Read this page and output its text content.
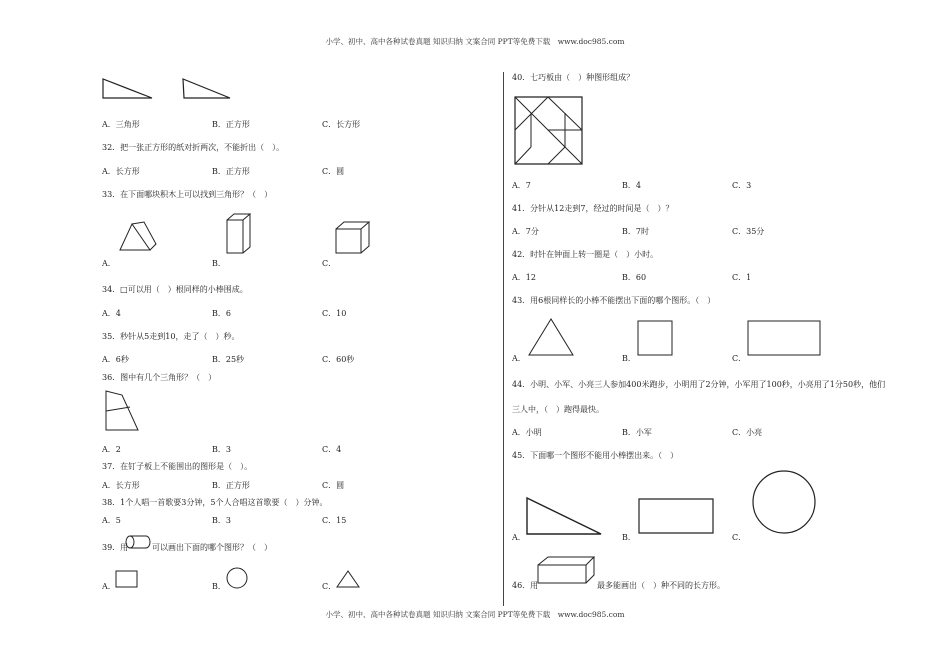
小学、初中、高中各种试卷真题 知识归纳 文案合同 PPT等免费下载　www.doc985.com
小学、初中、高中各种试卷真题 知识归纳 文案合同 PPT等免费下载　www.doc985.com
A．三角形	B．正方形	C．长方形
32．把一张正方形的纸对折两次，不能折出（　）。
A．长方形	B．正方形	C．圆
33．在下面哪块积木上可以找到三角形？（　）
A．	B．	C．
34．□可以用（　）根同样的小棒围成。
A．4	B．6	C．10
35．秒针从5走到10，走了（　）秒。
A．6秒	B．25秒	C．60秒
36．图中有几个三角形？（　）
A．2	B．3	C．4
37．在钉子板上不能围出的图形是（　）。
A．长方形	B．正方形	C．圆
38．1个人唱一首歌要3分钟，5个人合唱这首歌要（　）分钟。
A．5	B．3	C．15
39．用	可以画出下面的哪个图形？（　）
A．	B．	C．
40．七巧板由（　）种图形组成？
A．7	B．4	C．3
41．分针从12走到7，经过的时间是（　）？
A．7分	B．7时	C．35分
42．时针在钟面上转一圈是（　）小时。
A．12	B．60	C．1
43．用6根同样长的小棒不能摆出下面的哪个图形。（　）
A．	B．	C．
44．小明、小军、小亮三人参加400米跑步，小明用了2分钟，小军用了100秒，小亮用了1分50秒，他们
三人中，（　）跑得最快。
A．小明	B．小军	C．小亮
45．下面哪一个图形不能用小棒摆出来。（　）
A．	B．	C．
46．用	最多能画出（　）种不同的长方形。
